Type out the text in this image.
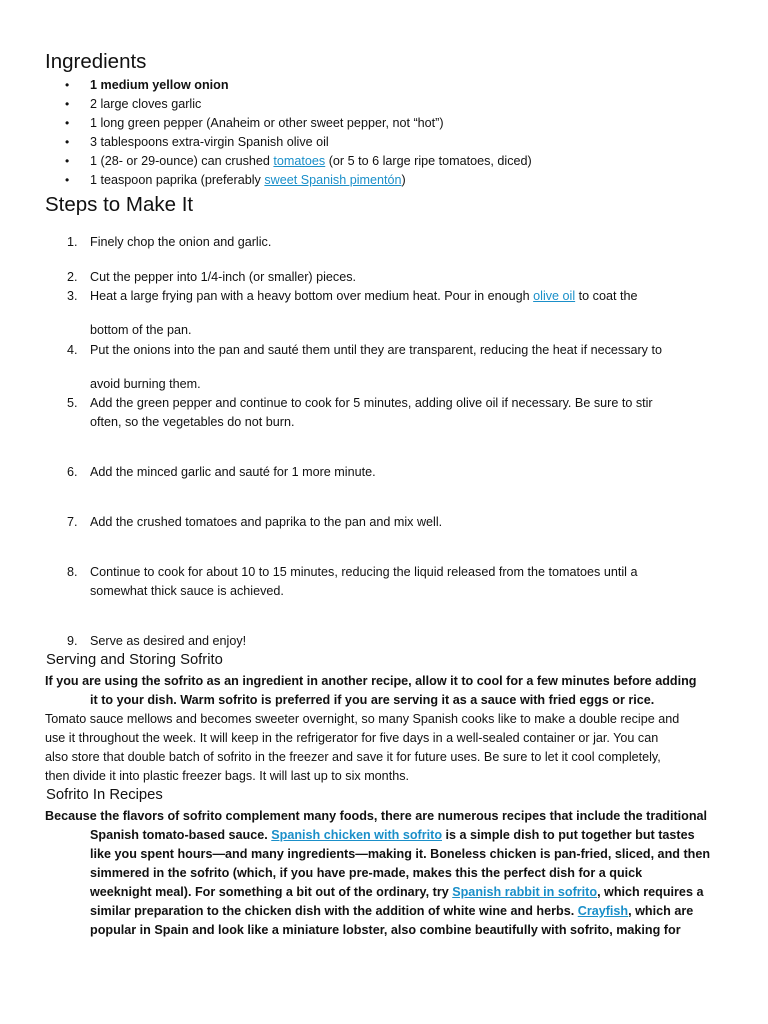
Ingredients
• 1 medium yellow onion
• 2 large cloves garlic
• 1 long green pepper (Anaheim or other sweet pepper, not “hot”)
• 3 tablespoons extra-virgin Spanish olive oil
• 1 (28- or 29-ounce) can crushed tomatoes (or 5 to 6 large ripe tomatoes, diced)
• 1 teaspoon paprika (preferably sweet Spanish pimentón)
Steps to Make It
1. Finely chop the onion and garlic.
2. Cut the pepper into 1/4-inch (or smaller) pieces.
3. Heat a large frying pan with a heavy bottom over medium heat. Pour in enough olive oil to coat the
bottom of the pan.
4. Put the onions into the pan and sauté them until they are transparent, reducing the heat if necessary to
avoid burning them.
5. Add the green pepper and continue to cook for 5 minutes, adding olive oil if necessary. Be sure to stir
often, so the vegetables do not burn.
6. Add the minced garlic and sauté for 1 more minute.
7. Add the crushed tomatoes and paprika to the pan and mix well.
8. Continue to cook for about 10 to 15 minutes, reducing the liquid released from the tomatoes until a
somewhat thick sauce is achieved.
9. Serve as desired and enjoy!
Serving and Storing Sofrito
If you are using the sofrito as an ingredient in another recipe, allow it to cool for a few minutes before adding
it to your dish. Warm sofrito is preferred if you are serving it as a sauce with fried eggs or rice.
Tomato sauce mellows and becomes sweeter overnight, so many Spanish cooks like to make a double recipe and
use it throughout the week. It will keep in the refrigerator for five days in a well-sealed container or jar. You can
also store that double batch of sofrito in the freezer and save it for future uses. Be sure to let it cool completely,
then divide it into plastic freezer bags. It will last up to six months.
Sofrito In Recipes
Because the flavors of sofrito complement many foods, there are numerous recipes that include the traditional
Spanish tomato-based sauce. Spanish chicken with sofrito is a simple dish to put together but tastes
like you spent hours—and many ingredients—making it. Boneless chicken is pan-fried, sliced, and then
simmered in the sofrito (which, if you have pre-made, makes this the perfect dish for a quick
weeknight meal). For something a bit out of the ordinary, try Spanish rabbit in sofrito, which requires a
similar preparation to the chicken dish with the addition of white wine and herbs. Crayfish, which are
popular in Spain and look like a miniature lobster, also combine beautifully with sofrito, making for
